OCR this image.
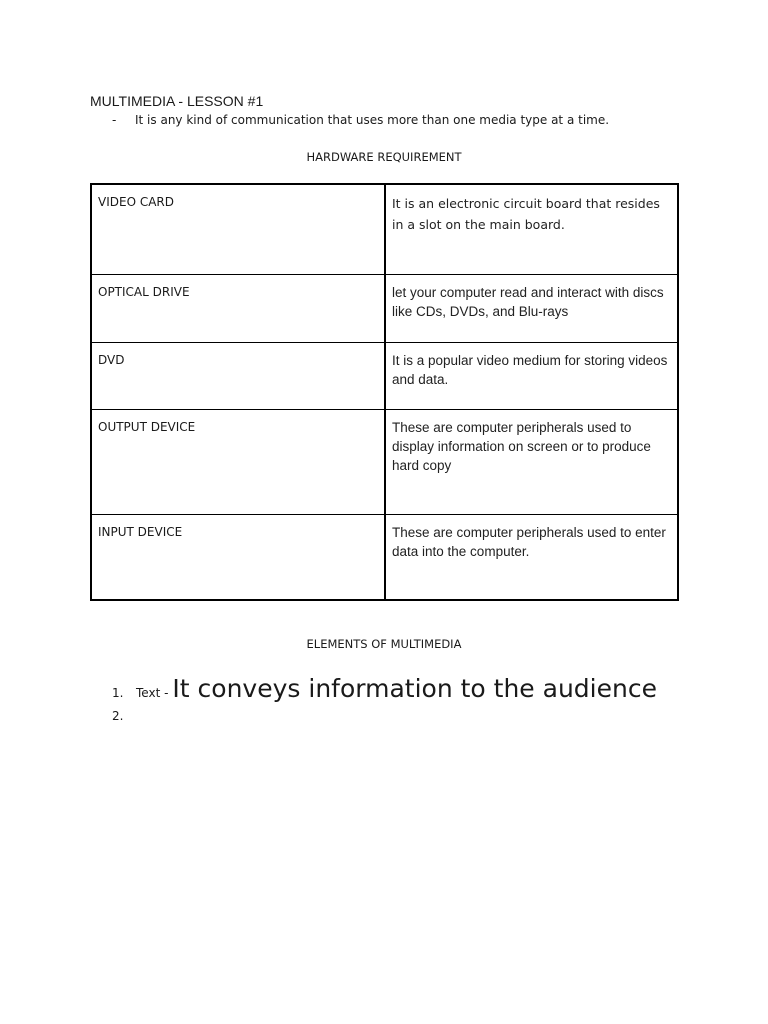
MULTIMEDIA - LESSON #1
-	It is any kind of communication that uses more than one media type at a time.
HARDWARE REQUIREMENT
VIDEO CARD	It is an electronic circuit board that resides in a slot on the main board.

OPTICAL DRIVE	let your computer read and interact with discs like CDs, DVDs, and Blu-rays

DVD	It is a popular video medium for storing videos and data.

OUTPUT DEVICE	These are computer peripherals used to display information on screen or to produce hard copy

INPUT DEVICE	These are computer peripherals used to enter data into the computer.
ELEMENTS OF MULTIMEDIA
1.	Text - It conveys information to the audience
2.
